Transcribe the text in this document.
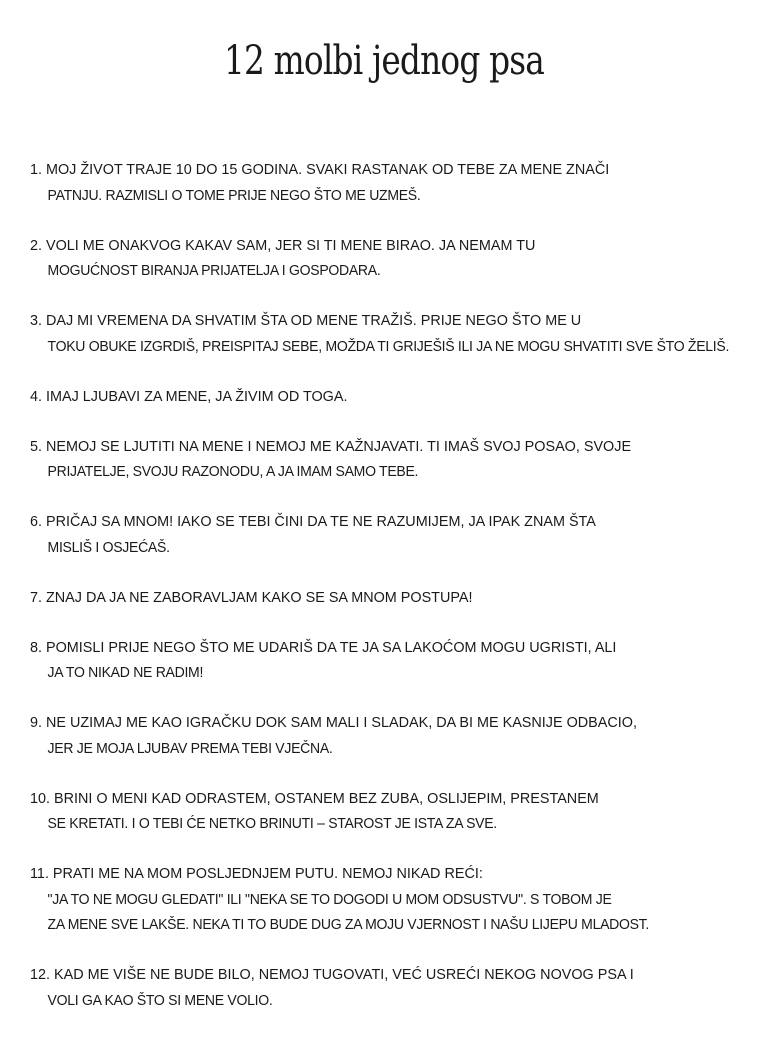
12 molbi jednog psa
1. MOJ ŽIVOT TRAJE 10 DO 15 GODINA. SVAKI RASTANAK OD TEBE ZA MENE ZNAČI
PATNJU. RAZMISLI O TOME PRIJE NEGO ŠTO ME UZMEŠ.
2. VOLI ME ONAKVOG KAKAV SAM, JER SI TI MENE BIRAO. JA NEMAM TU
MOGUĆNOST BIRANJA PRIJATELJA I GOSPODARA.
3. DAJ MI VREMENA DA SHVATIM ŠTA OD MENE TRAŽIŠ. PRIJE NEGO ŠTO ME U
TOKU OBUKE IZGRDIŠ, PREISPITAJ SEBE, MOŽDA TI GRIJEŠIŠ ILI JA NE MOGU SHVATITI SVE ŠTO ŽELIŠ.
4. IMAJ LJUBAVI ZA MENE, JA ŽIVIM OD TOGA.
5. NEMOJ SE LJUTITI NA MENE I NEMOJ ME KAŽNJAVATI. TI IMAŠ SVOJ POSAO, SVOJE
PRIJATELJE, SVOJU RAZONODU, A JA IMAM SAMO TEBE.
6. PRIČAJ SA MNOM! IAKO SE TEBI ČINI DA TE NE RAZUMIJEM, JA IPAK ZNAM ŠTA
MISLIŠ I OSJEĆAŠ.
7. ZNAJ DA JA NE ZABORAVLJAM KAKO SE SA MNOM POSTUPA!
8. POMISLI PRIJE NEGO ŠTO ME UDARIŠ DA TE JA SA LAKOĆOM MOGU UGRISTI, ALI
JA TO NIKAD NE RADIM!
9. NE UZIMAJ ME KAO IGRAČKU DOK SAM MALI I SLADAK, DA BI ME KASNIJE ODBACIO,
JER JE MOJA LJUBAV PREMA TEBI VJEČNA.
10. BRINI O MENI KAD ODRASTEM, OSTANEM BEZ ZUBA, OSLIJEPIM, PRESTANEM
SE KRETATI. I O TEBI ĆE NETKO BRINUTI – STAROST JE ISTA ZA SVE.
11. PRATI ME NA MOM POSLJEDNJEM PUTU. NEMOJ NIKAD REĆI:
"JA TO NE MOGU GLEDATI" ILI "NEKA SE TO DOGODI U MOM ODSUSTVU". S TOBOM JE
ZA MENE SVE LAKŠE. NEKA TI TO BUDE DUG ZA MOJU VJERNOST I NAŠU LIJEPU MLADOST.
12. KAD ME VIŠE NE BUDE BILO, NEMOJ TUGOVATI, VEĆ USREĆI NEKOG NOVOG PSA I
VOLI GA KAO ŠTO SI MENE VOLIO.
